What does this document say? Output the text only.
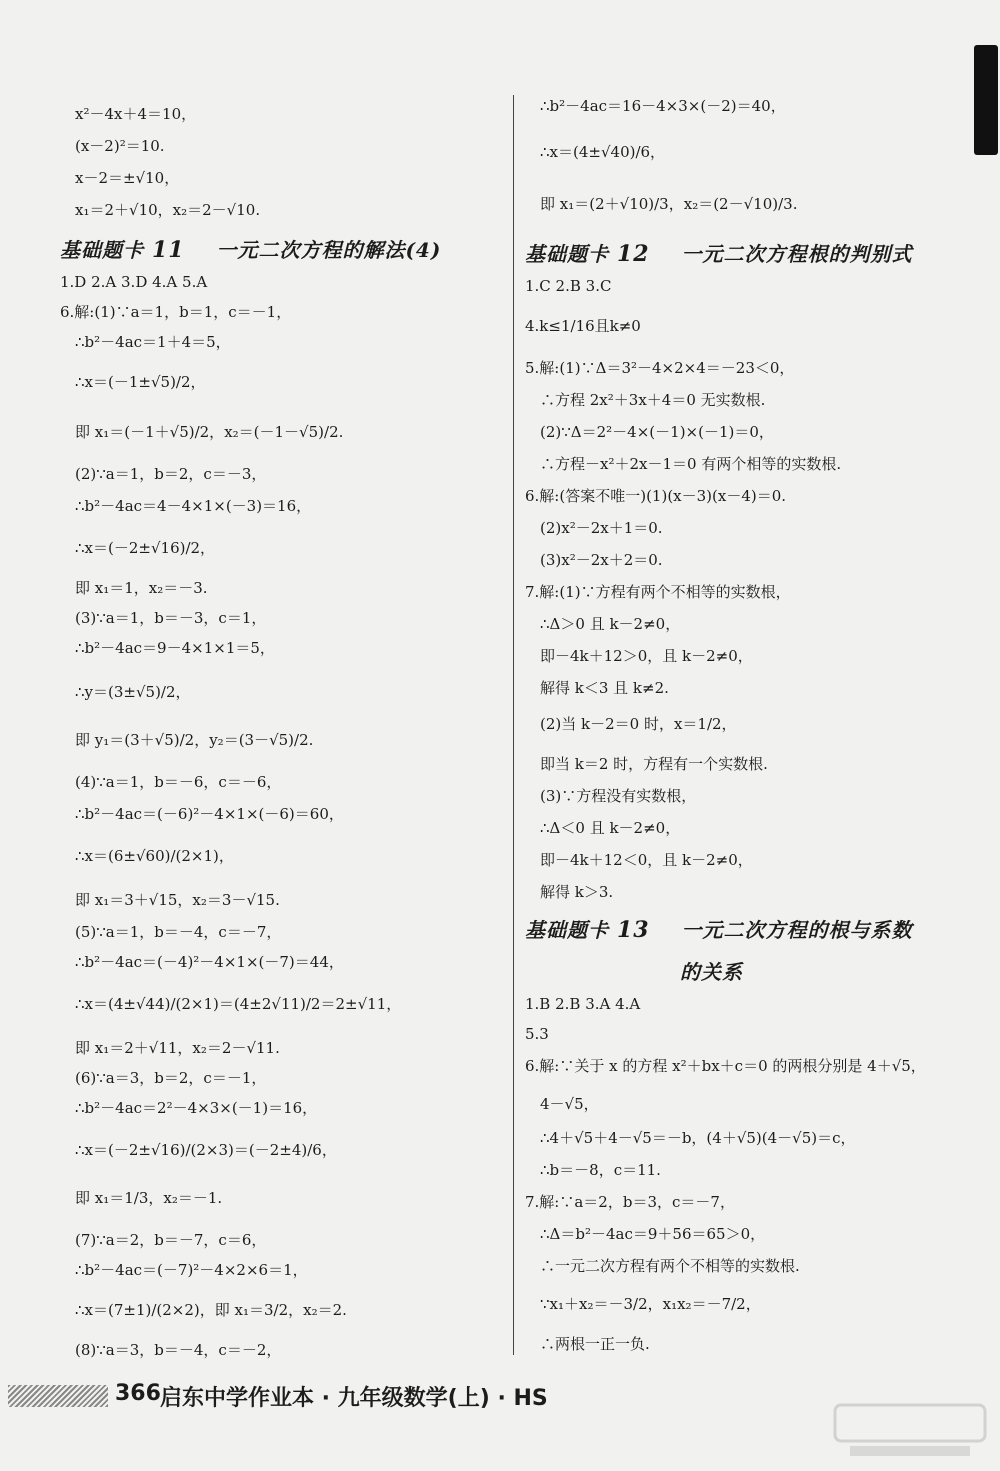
x²－4x＋4＝10，
(x－2)²＝10.
x－2＝±√10，
x₁＝2＋√10，x₂＝2－√10.
基础题卡 11 一元二次方程的解法(4)
1.D 2.A 3.D 4.A 5.A
6.解:(1)∵a＝1，b＝1，c＝－1，
∴b²－4ac＝1＋4＝5，
∴x＝(－1±√5)/2，
即 x₁＝(－1＋√5)/2，x₂＝(－1－√5)/2.
(2)∵a＝1，b＝2，c＝－3，
∴b²－4ac＝4－4×1×(－3)＝16，
∴x＝(－2±√16)/2，
即 x₁＝1，x₂＝－3.
(3)∵a＝1，b＝－3，c＝1，
∴b²－4ac＝9－4×1×1＝5，
∴y＝(3±√5)/2，
即 y₁＝(3＋√5)/2，y₂＝(3－√5)/2.
(4)∵a＝1，b＝－6，c＝－6，
∴b²－4ac＝(－6)²－4×1×(－6)＝60，
∴x＝(6±√60)/(2×1)，
即 x₁＝3＋√15，x₂＝3－√15.
(5)∵a＝1，b＝－4，c＝－7，
∴b²－4ac＝(－4)²－4×1×(－7)＝44，
∴x＝(4±√44)/(2×1)＝(4±2√11)/2＝2±√11，
即 x₁＝2＋√11，x₂＝2－√11.
(6)∵a＝3，b＝2，c＝－1，
∴b²－4ac＝2²－4×3×(－1)＝16，
∴x＝(－2±√16)/(2×3)＝(－2±4)/6，
即 x₁＝1/3，x₂＝－1.
(7)∵a＝2，b＝－7，c＝6，
∴b²－4ac＝(－7)²－4×2×6＝1，
∴x＝(7±1)/(2×2)，即 x₁＝3/2，x₂＝2.
(8)∵a＝3，b＝－4，c＝－2，
∴b²－4ac＝16－4×3×(－2)＝40，
∴x＝(4±√40)/6，
即 x₁＝(2＋√10)/3，x₂＝(2－√10)/3.
基础题卡 12 一元二次方程根的判别式
1.C 2.B 3.C
4.k≤1/16且k≠0
5.解:(1)∵Δ＝3²－4×2×4＝－23＜0，
∴方程 2x²＋3x＋4＝0 无实数根.
(2)∵Δ＝2²－4×(－1)×(－1)＝0，
∴方程－x²＋2x－1＝0 有两个相等的实数根.
6.解:(答案不唯一)(1)(x－3)(x－4)＝0.
(2)x²－2x＋1＝0.
(3)x²－2x＋2＝0.
7.解:(1)∵方程有两个不相等的实数根，
∴Δ＞0 且 k－2≠0，
即－4k＋12＞0，且 k－2≠0，
解得 k＜3 且 k≠2.
(2)当 k－2＝0 时，x＝1/2，
即当 k＝2 时，方程有一个实数根.
(3)∵方程没有实数根，
∴Δ＜0 且 k－2≠0，
即－4k＋12＜0，且 k－2≠0，
解得 k＞3.
基础题卡 13 一元二次方程的根与系数
的关系
1.B 2.B 3.A 4.A
5.3
6.解:∵关于 x 的方程 x²＋bx＋c＝0 的两根分别是 4＋√5，
4－√5，
∴4＋√5＋4－√5＝－b，(4＋√5)(4－√5)＝c，
∴b＝－8，c＝11.
7.解:∵a＝2，b＝3，c＝－7，
∴Δ＝b²－4ac＝9＋56＝65＞0，
∴一元二次方程有两个不相等的实数根.
∵x₁＋x₂＝－3/2，x₁x₂＝－7/2，
∴两根一正一负.
366 启东中学作业本 · 九年级数学(上) · HS
